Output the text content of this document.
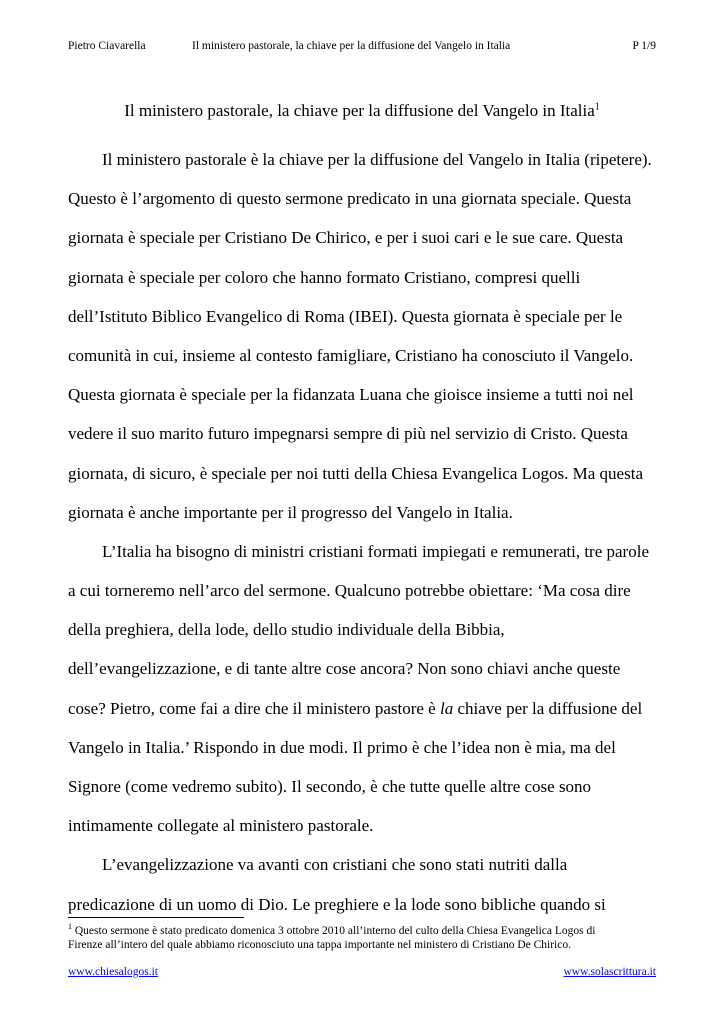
Pietro Ciavarella	Il ministero pastorale, la chiave per la diffusione del Vangelo in Italia	P 1/9
Il ministero pastorale, la chiave per la diffusione del Vangelo in Italia$^1$
Il ministero pastorale è la chiave per la diffusione del Vangelo in Italia (ripetere).
Questo è l’argomento di questo sermone predicato in una giornata speciale. Questa
giornata è speciale per Cristiano De Chirico, e per i suoi cari e le sue care. Questa
giornata è speciale per coloro che hanno formato Cristiano, compresi quelli
dell’Istituto Biblico Evangelico di Roma (IBEI). Questa giornata è speciale per le
comunità in cui, insieme al contesto famigliare, Cristiano ha conosciuto il Vangelo.
Questa giornata è speciale per la fidanzata Luana che gioisce insieme a tutti noi nel
vedere il suo marito futuro impegnarsi sempre di più nel servizio di Cristo. Questa
giornata, di sicuro, è speciale per noi tutti della Chiesa Evangelica Logos. Ma questa
giornata è anche importante per il progresso del Vangelo in Italia.
L’Italia ha bisogno di ministri cristiani formati impiegati e remunerati, tre parole
a cui torneremo nell’arco del sermone. Qualcuno potrebbe obiettare: ‘Ma cosa dire
della preghiera, della lode, dello studio individuale della Bibbia,
dell’evangelizzazione, e di tante altre cose ancora? Non sono chiavi anche queste
cose? Pietro, come fai a dire che il ministero pastore è la chiave per la diffusione del
Vangelo in Italia.’ Rispondo in due modi. Il primo è che l’idea non è mia, ma del
Signore (come vedremo subito). Il secondo, è che tutte quelle altre cose sono
intimamente collegate al ministero pastorale.
L’evangelizzazione va avanti con cristiani che sono stati nutriti dalla
predicazione di un uomo di Dio. Le preghiere e la lode sono bibliche quando si
$^1$ Questo sermone è stato predicato domenica 3 ottobre 2010 all’interno del culto della Chiesa Evangelica Logos di
Firenze all’intero del quale abbiamo riconosciuto una tappa importante nel ministero di Cristiano De Chirico.
www.chiesalogos.it	www.solascrittura.it
